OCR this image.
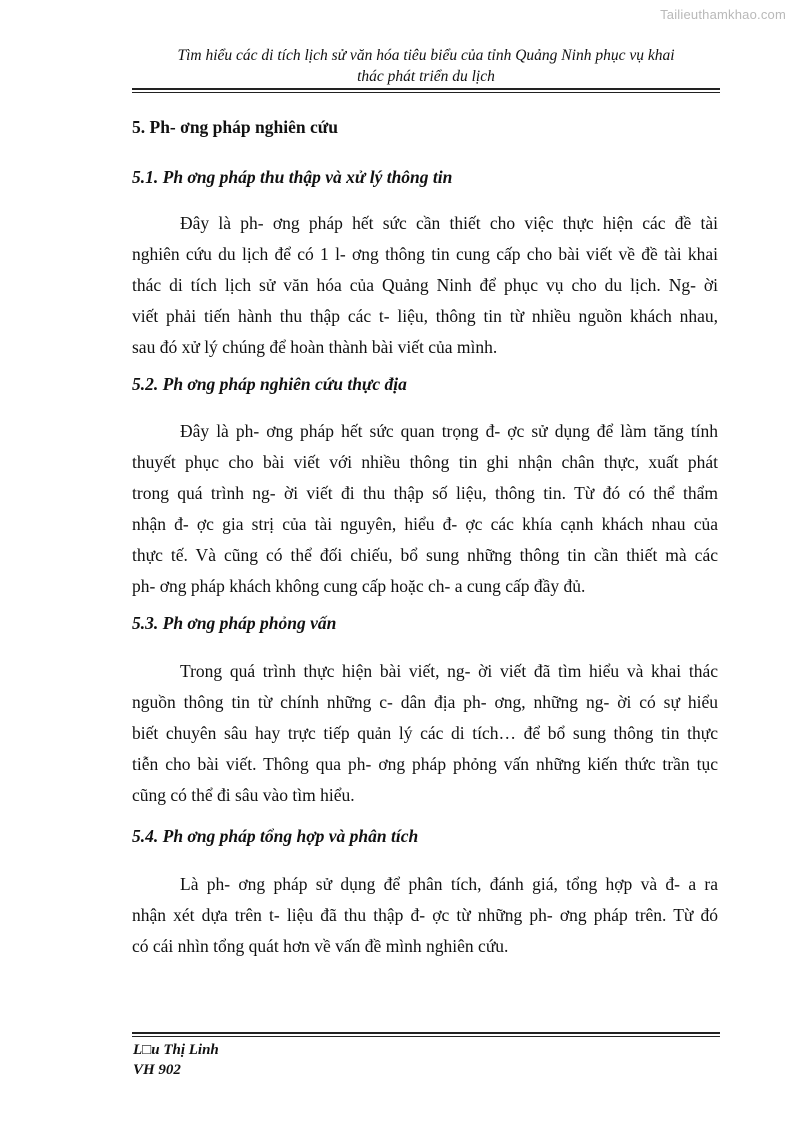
Tailieuthamkhao.com
Tìm hiểu các di tích lịch sử văn hóa tiêu biểu của tỉnh Quảng Ninh phục vụ khai
thác phát triển du lịch
5. Ph- ơng pháp nghiên cứu
5.1. Ph ơng pháp thu thập và xử lý thông tin
Đây là ph- ơng pháp hết sức cần thiết cho việc thực hiện các đề tài
nghiên cứu du lịch để có 1 l- ơng thông tin cung cấp cho bài viết về đề tài khai
thác di tích lịch sử văn hóa của Quảng Ninh để phục vụ cho du lịch. Ng- ời
viết phải tiến hành thu thập các t- liệu, thông tin từ nhiều nguồn khách nhau,
sau đó xử lý chúng để hoàn thành bài viết của mình.
5.2. Ph ơng pháp nghiên cứu thực địa
Đây là ph- ơng pháp hết sức quan trọng đ- ợc sử dụng để làm tăng tính
thuyết phục cho bài viết với nhiều thông tin ghi nhận chân thực, xuất phát
trong quá trình ng- ời viết đi thu thập số liệu, thông tin. Từ đó có thể thẩm
nhận đ- ợc gia strị của tài nguyên, hiểu đ- ợc các khía cạnh khách nhau của
thực tế. Và cũng có thể đối chiếu, bổ sung những thông tin cần thiết mà các
ph- ơng pháp khách không cung cấp hoặc ch- a cung cấp đầy đủ.
5.3. Ph ơng pháp phỏng vấn
Trong quá trình thực hiện bài viết, ng- ời viết đã tìm hiểu và khai thác
nguồn thông tin từ chính những c- dân địa ph- ơng, những ng- ời có sự hiểu
biết chuyên sâu hay trực tiếp quản lý các di tích… để bổ sung thông tin thực
tiễn cho bài viết. Thông qua ph- ơng pháp phỏng vấn những kiến thức trần tục
cũng có thể đi sâu vào tìm hiểu.
5.4. Ph ơng pháp tổng hợp và phân tích
Là ph- ơng pháp sử dụng để phân tích, đánh giá, tổng hợp và đ- a ra
nhận xét dựa trên t- liệu đã thu thập đ- ợc từ những ph- ơng pháp trên. Từ đó
có cái nhìn tổng quát hơn về vấn đề mình nghiên cứu.
L□u Thị Linh
VH 902
